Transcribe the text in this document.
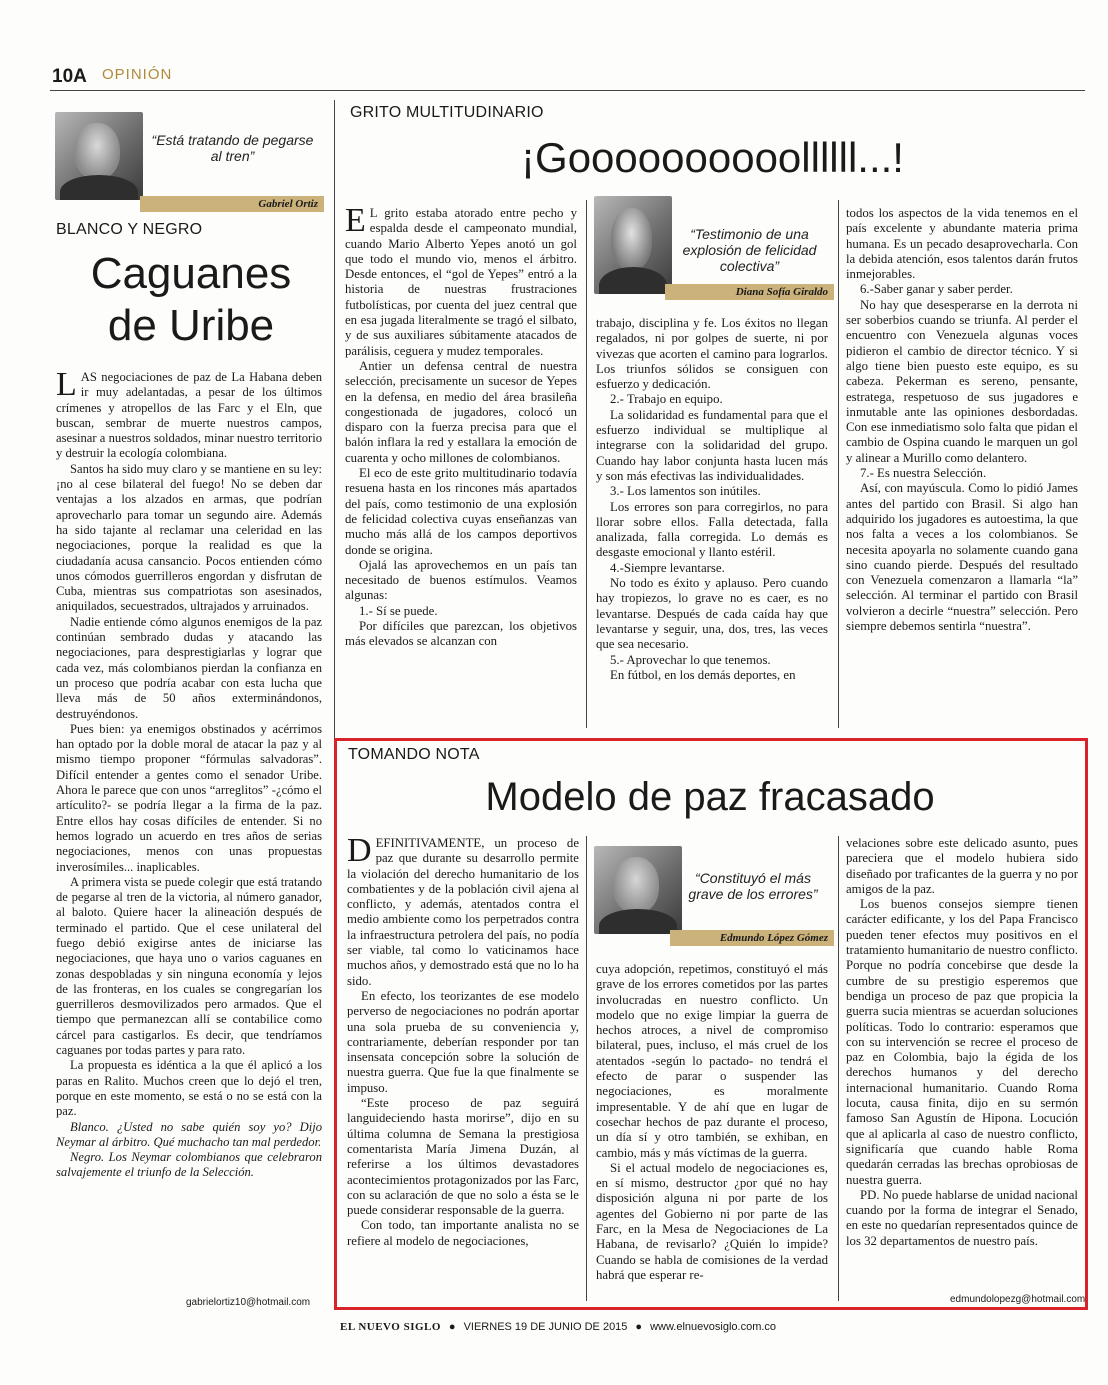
10A OPINIÓN
“Está tratando de pegarse al tren”
Gabriel Ortiz
BLANCO Y NEGRO
Caguanes
de Uribe

LAS negociaciones de paz de La Habana deben ir muy adelantadas, a pesar de los últimos crímenes y atropellos de las Farc y el Eln, que buscan, sembrar de muerte nuestros campos, asesinar a nuestros soldados, minar nuestro territorio y destruir la ecología colombiana.

Santos ha sido muy claro y se mantiene en su ley: ¡no al cese bilateral del fuego! No se deben dar ventajas a los alzados en armas, que podrían aprovecharlo para tomar un segundo aire. Además ha sido tajante al reclamar una celeridad en las negociaciones, porque la realidad es que la ciudadanía acusa cansancio. Pocos entienden cómo unos cómodos guerrilleros engordan y disfrutan de Cuba, mientras sus compatriotas son asesinados, aniquilados, secuestrados, ultrajados y arruinados.

Nadie entiende cómo algunos enemigos de la paz continúan sembrado dudas y atacando las negociaciones, para desprestigiarlas y lograr que cada vez, más colombianos pierdan la confianza en un proceso que podría acabar con esta lucha que lleva más de 50 años exterminándonos, destruyéndonos.

Pues bien: ya enemigos obstinados y acérrimos han optado por la doble moral de atacar la paz y al mismo tiempo proponer “fórmulas salvadoras”. Difícil entender a gentes como el senador Uribe. Ahora le parece que con unos “arreglitos” -¿cómo el artículito?- se podría llegar a la firma de la paz. Entre ellos hay cosas difíciles de entender. Si no hemos logrado un acuerdo en tres años de serias negociaciones, menos con unas propuestas inverosímiles... inaplicables.

A primera vista se puede colegir que está tratando de pegarse al tren de la victoria, al número ganador, al baloto. Quiere hacer la alineación después de terminado el partido. Que el cese unilateral del fuego debió exigirse antes de iniciarse las negociaciones, que haya uno o varios caguanes en zonas despobladas y sin ninguna economía y lejos de las fronteras, en los cuales se congregarían los guerrilleros desmovilizados pero armados. Que el tiempo que permanezcan allí se contabilice como cárcel para castigarlos. Es decir, que tendríamos caguanes por todas partes y para rato.

La propuesta es idéntica a la que él aplicó a los paras en Ralito. Muchos creen que lo dejó el tren, porque en este momento, se está o no se está con la paz.

Blanco. ¿Usted no sabe quién soy yo? Dijo Neymar al árbitro. Qué muchacho tan mal perdedor.

Negro. Los Neymar colombianos que celebraron salvajemente el triunfo de la Selección.

gabrielortiz10@hotmail.com
GRITO MULTITUDINARIO
¡Goooooooooollllll...!

E L grito estaba atorado entre pecho y espalda desde el campeonato mundial, cuando Mario Alberto Yepes anotó un gol que todo el mundo vio, menos el árbitro. Desde entonces, el “gol de Yepes” entró a la historia de nuestras frustraciones futbolísticas, por cuenta del juez central que en esa jugada literalmente se tragó el silbato, y de sus auxiliares súbitamente atacados de parálisis, ceguera y mudez temporales.

Antier un defensa central de nuestra selección, precisamente un sucesor de Yepes en la defensa, en medio del área brasileña congestionada de jugadores, colocó un disparo con la fuerza precisa para que el balón inflara la red y estallara la emoción de cuarenta y ocho millones de colombianos.

El eco de este grito multitudinario todavía resuena hasta en los rincones más apartados del país, como testimonio de una explosión de felicidad colectiva cuyas enseñanzas van mucho más allá de los campos deportivos donde se origina.

Ojalá las aprovechemos en un país tan necesitado de buenos estímulos. Veamos algunas:

1.- Sí se puede.

Por difíciles que parezcan, los objetivos más elevados se alcanzan con

“Testimonio de una explosión de felicidad colectiva”
Diana Sofía Giraldo

trabajo, disciplina y fe. Los éxitos no llegan regalados, ni por golpes de suerte, ni por vivezas que acorten el camino para lograrlos. Los triunfos sólidos se consiguen con esfuerzo y dedicación.

2.- Trabajo en equipo.

La solidaridad es fundamental para que el esfuerzo individual se multiplique al integrarse con la solidaridad del grupo. Cuando hay labor conjunta hasta lucen más y son más efectivas las individualidades.

3.- Los lamentos son inútiles.

Los errores son para corregirlos, no para llorar sobre ellos. Falla detectada, falla analizada, falla corregida. Lo demás es desgaste emocional y llanto estéril.

4.-Siempre levantarse.

No todo es éxito y aplauso. Pero cuando hay tropiezos, lo grave no es caer, es no levantarse. Después de cada caída hay que levantarse y seguir, una, dos, tres, las veces que sea necesario.

5.- Aprovechar lo que tenemos.

En fútbol, en los demás deportes, en

todos los aspectos de la vida tenemos en el país excelente y abundante materia prima humana. Es un pecado desaprovecharla. Con la debida atención, esos talentos darán frutos inmejorables.

6.-Saber ganar y saber perder.

No hay que desesperarse en la derrota ni ser soberbios cuando se triunfa. Al perder el encuentro con Venezuela algunas voces pidieron el cambio de director técnico. Y si algo tiene bien puesto este equipo, es su cabeza. Pekerman es sereno, pensante, estratega, respetuoso de sus jugadores e inmutable ante las opiniones desbordadas. Con ese inmediatismo solo falta que pidan el cambio de Ospina cuando le marquen un gol y alinear a Murillo como delantero.

7.- Es nuestra Selección.

Así, con mayúscula. Como lo pidió James antes del partido con Brasil. Si algo han adquirido los jugadores es autoestima, la que nos falta a veces a los colombianos. Se necesita apoyarla no solamente cuando gana sino cuando pierde. Después del resultado con Venezuela comenzaron a llamarla “la” selección. Al terminar el partido con Brasil volvieron a decirle “nuestra” selección. Pero siempre debemos sentirla “nuestra”.

TOMANDO NOTA
Modelo de paz fracasado

DEFINITIVAMENTE, un proceso de paz que durante su desarrollo permite la violación del derecho humanitario de los combatientes y de la población civil ajena al conflicto, y además, atentados contra el medio ambiente como los perpetrados contra la infraestructura petrolera del país, no podía ser viable, tal como lo vaticinamos hace muchos años, y demostrado está que no lo ha sido.

En efecto, los teorizantes de ese modelo perverso de negociaciones no podrán aportar una sola prueba de su conveniencia y, contrariamente, deberían responder por tan insensata concepción sobre la solución de nuestra guerra. Que fue la que finalmente se impuso.

“Este proceso de paz seguirá languideciendo hasta morirse”, dijo en su última columna de Semana la prestigiosa comentarista María Jimena Duzán, al referirse a los últimos devastadores acontecimientos protagonizados por las Farc, con su aclaración de que no solo a ésta se le puede considerar responsable de la guerra.

Con todo, tan importante analista no se refiere al modelo de negociaciones,

“Constituyó el más grave de los errores”
Edmundo López Gómez

cuya adopción, repetimos, constituyó el más grave de los errores cometidos por las partes involucradas en nuestro conflicto. Un modelo que no exige limpiar la guerra de hechos atroces, a nivel de compromiso bilateral, pues, incluso, el más cruel de los atentados -según lo pactado- no tendrá el efecto de parar o suspender las negociaciones, es moralmente impresentable. Y de ahí que en lugar de cosechar hechos de paz durante el proceso, un día sí y otro también, se exhiban, en cambio, más y más víctimas de la guerra.

Si el actual modelo de negociaciones es, en sí mismo, destructor ¿por qué no hay disposición alguna ni por parte de los agentes del Gobierno ni por parte de las Farc, en la Mesa de Negociaciones de La Habana, de revisarlo? ¿Quién lo impide? Cuando se habla de comisiones de la verdad habrá que esperar re-

velaciones sobre este delicado asunto, pues pareciera que el modelo hubiera sido diseñado por traficantes de la guerra y no por amigos de la paz.

Los buenos consejos siempre tienen carácter edificante, y los del Papa Francisco pueden tener efectos muy positivos en el tratamiento humanitario de nuestro conflicto. Porque no podría concebirse que desde la cumbre de su prestigio esperemos que bendiga un proceso de paz que propicia la guerra sucia mientras se acuerdan soluciones políticas. Todo lo contrario: esperamos que con su intervención se recree el proceso de paz en Colombia, bajo la égida de los derechos humanos y del derecho internacional humanitario. Cuando Roma locuta, causa finita, dijo en su sermón famoso San Agustín de Hipona. Locución que al aplicarla al caso de nuestro conflicto, significaría que cuando hable Roma quedarán cerradas las brechas oprobiosas de nuestra guerra.

PD. No puede hablarse de unidad nacional cuando por la forma de integrar el Senado, en este no quedarían representados quince de los 32 departamentos de nuestro país.

edmundolopezg@hotmail.com
EL NUEVO SIGLO ● VIERNES 19 DE JUNIO DE 2015 ● www.elnuevosiglo.com.co
